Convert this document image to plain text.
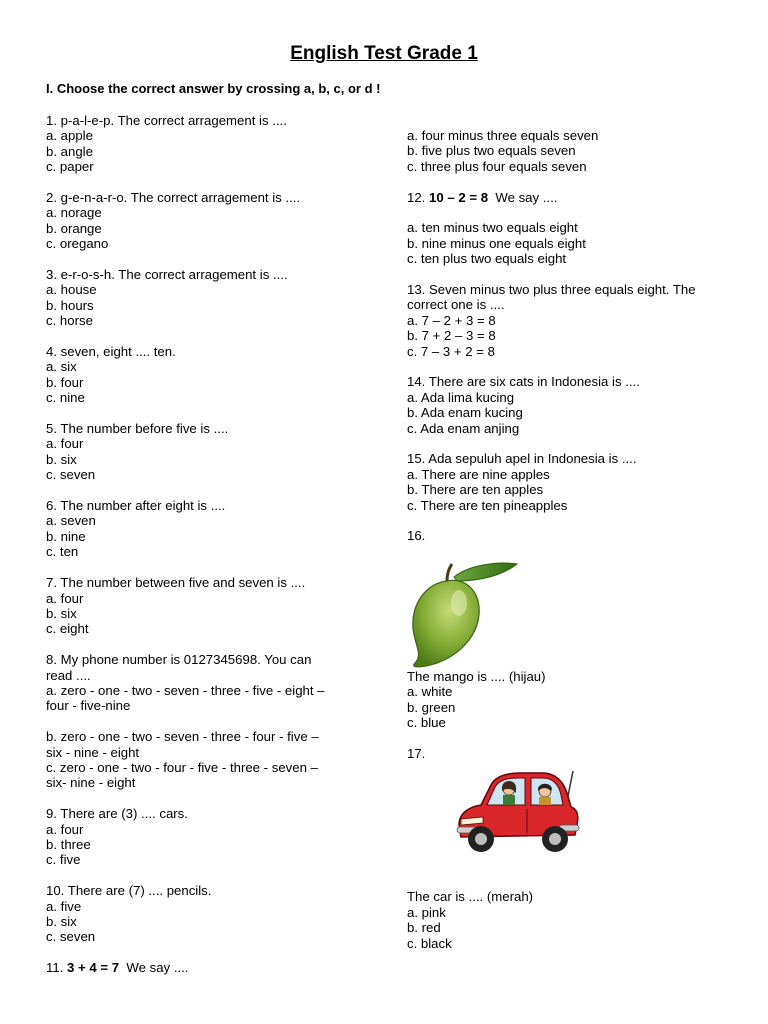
English Test Grade 1
I. Choose the correct answer by crossing a, b, c, or d !
1. p-a-l-e-p. The correct arragement is ....
a. apple
b. angle
c. paper
2. g-e-n-a-r-o. The correct arragement is ....
a. norage
b. orange
c. oregano
3. e-r-o-s-h. The correct arragement is ....
a. house
b. hours
c. horse
4. seven, eight .... ten.
a. six
b. four
c. nine
5. The number before five is ....
a. four
b. six
c. seven
6. The number after eight is ....
a. seven
b. nine
c. ten
7. The number between five and seven is ....
a. four
b. six
c. eight
8. My phone number is 0127345698. You can
read ....
a. zero - one - two - seven - three - five - eight –
four - five-nine
b. zero - one - two - seven - three - four - five –
six - nine - eight
c. zero - one - two - four - five - three - seven –
six- nine - eight
9. There are (3) .... cars.
a. four
b. three
c. five
10. There are (7) .... pencils.
a. five
b. six
c. seven
11. 3 + 4 = 7 We say ....
a. four minus three equals seven
b. five plus two equals seven
c. three plus four equals seven
12. 10 – 2 = 8 We say ....
a. ten minus two equals eight
b. nine minus one equals eight
c. ten plus two equals eight
13. Seven minus two plus three equals eight. The
correct one is ....
a. 7 – 2 + 3 = 8
b. 7 + 2 – 3 = 8
c. 7 – 3 + 2 = 8
14. There are six cats in Indonesia is ....
a. Ada lima kucing
b. Ada enam kucing
c. Ada enam anjing
15. Ada sepuluh apel in Indonesia is ....
a. There are nine apples
b. There are ten apples
c. There are ten pineapples
16.
The mango is .... (hijau)
a. white
b. green
c. blue
17.
The car is .... (merah)
a. pink
b. red
c. black
